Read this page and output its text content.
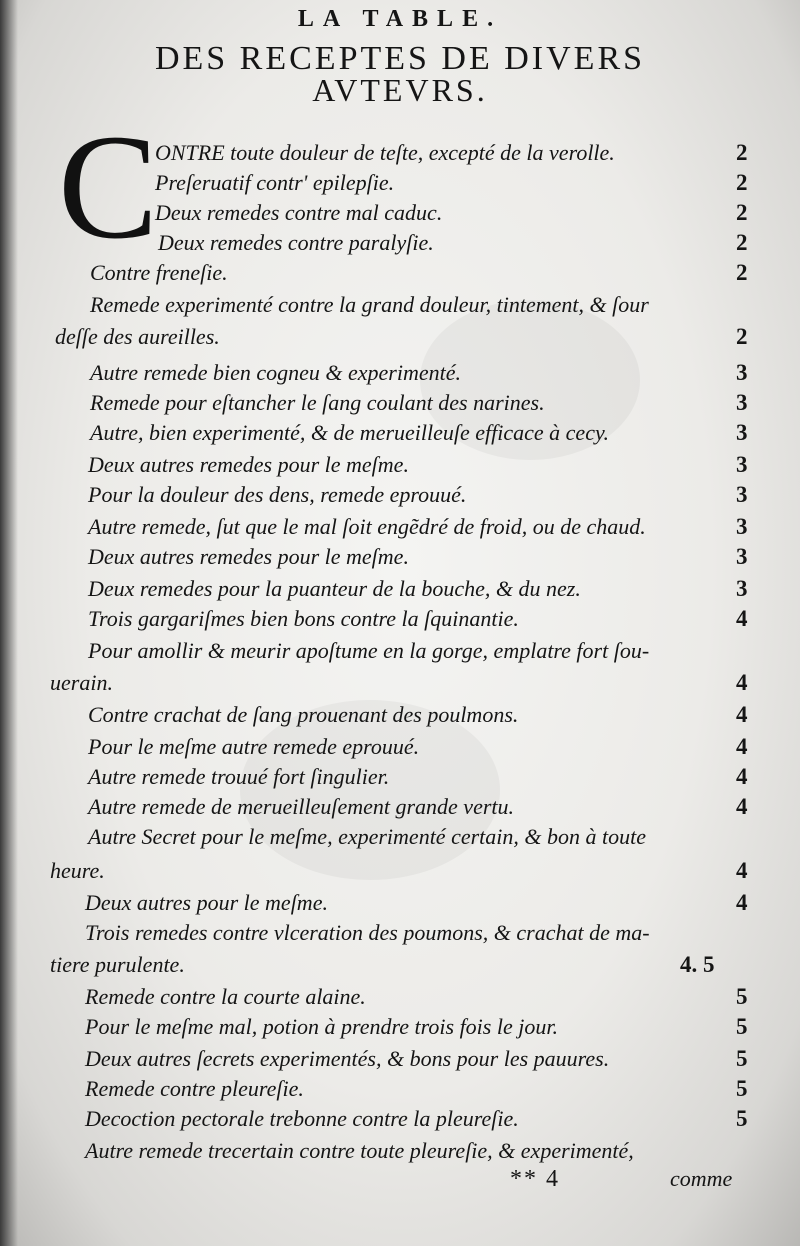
LA TABLE.
DES RECEPTES DE DIVERS
AVTEVRS.
C
ONTRE toute douleur de teſte, excepté de la verolle.	2
Preſeruatif contr' epilepſie.	2
Deux remedes contre mal caduc.	2
Deux remedes contre paralyſie.	2
Contre freneſie.	2
Remede experimenté contre la grand douleur, tintement, & ſour
deſſe des aureilles.	2
Autre remede bien cogneu & experimenté.	3
Remede pour eſtancher le ſang coulant des narines.	3
Autre, bien experimenté, & de merueilleuſe efficace à cecy.	3
Deux autres remedes pour le meſme.	3
Pour la douleur des dens, remede eprouué.	3
Autre remede, ſut que le mal ſoit engẽdré de froid, ou de chaud.	3
Deux autres remedes pour le meſme.	3
Deux remedes pour la puanteur de la bouche, & du nez.	3
Trois gargariſmes bien bons contre la ſquinantie.	4
Pour amollir & meurir apoſtume en la gorge, emplatre fort ſou-
uerain.	4
Contre crachat de ſang prouenant des poulmons.	4
Pour le meſme autre remede eprouué.	4
Autre remede trouué fort ſingulier.	4
Autre remede de merueilleuſement grande vertu.	4
Autre Secret pour le meſme, experimenté certain, & bon à toute
heure.	4
Deux autres pour le meſme.	4
Trois remedes contre vlceration des poumons, & crachat de ma-
tiere purulente.	4. 5
Remede contre la courte alaine.	5
Pour le meſme mal, potion à prendre trois fois le jour.	5
Deux autres ſecrets experimentés, & bons pour les pauures.	5
Remede contre pleureſie.	5
Decoction pectorale trebonne contre la pleureſie.	5
Autre remede trecertain contre toute pleureſie, & experimenté,
** 4	comme
